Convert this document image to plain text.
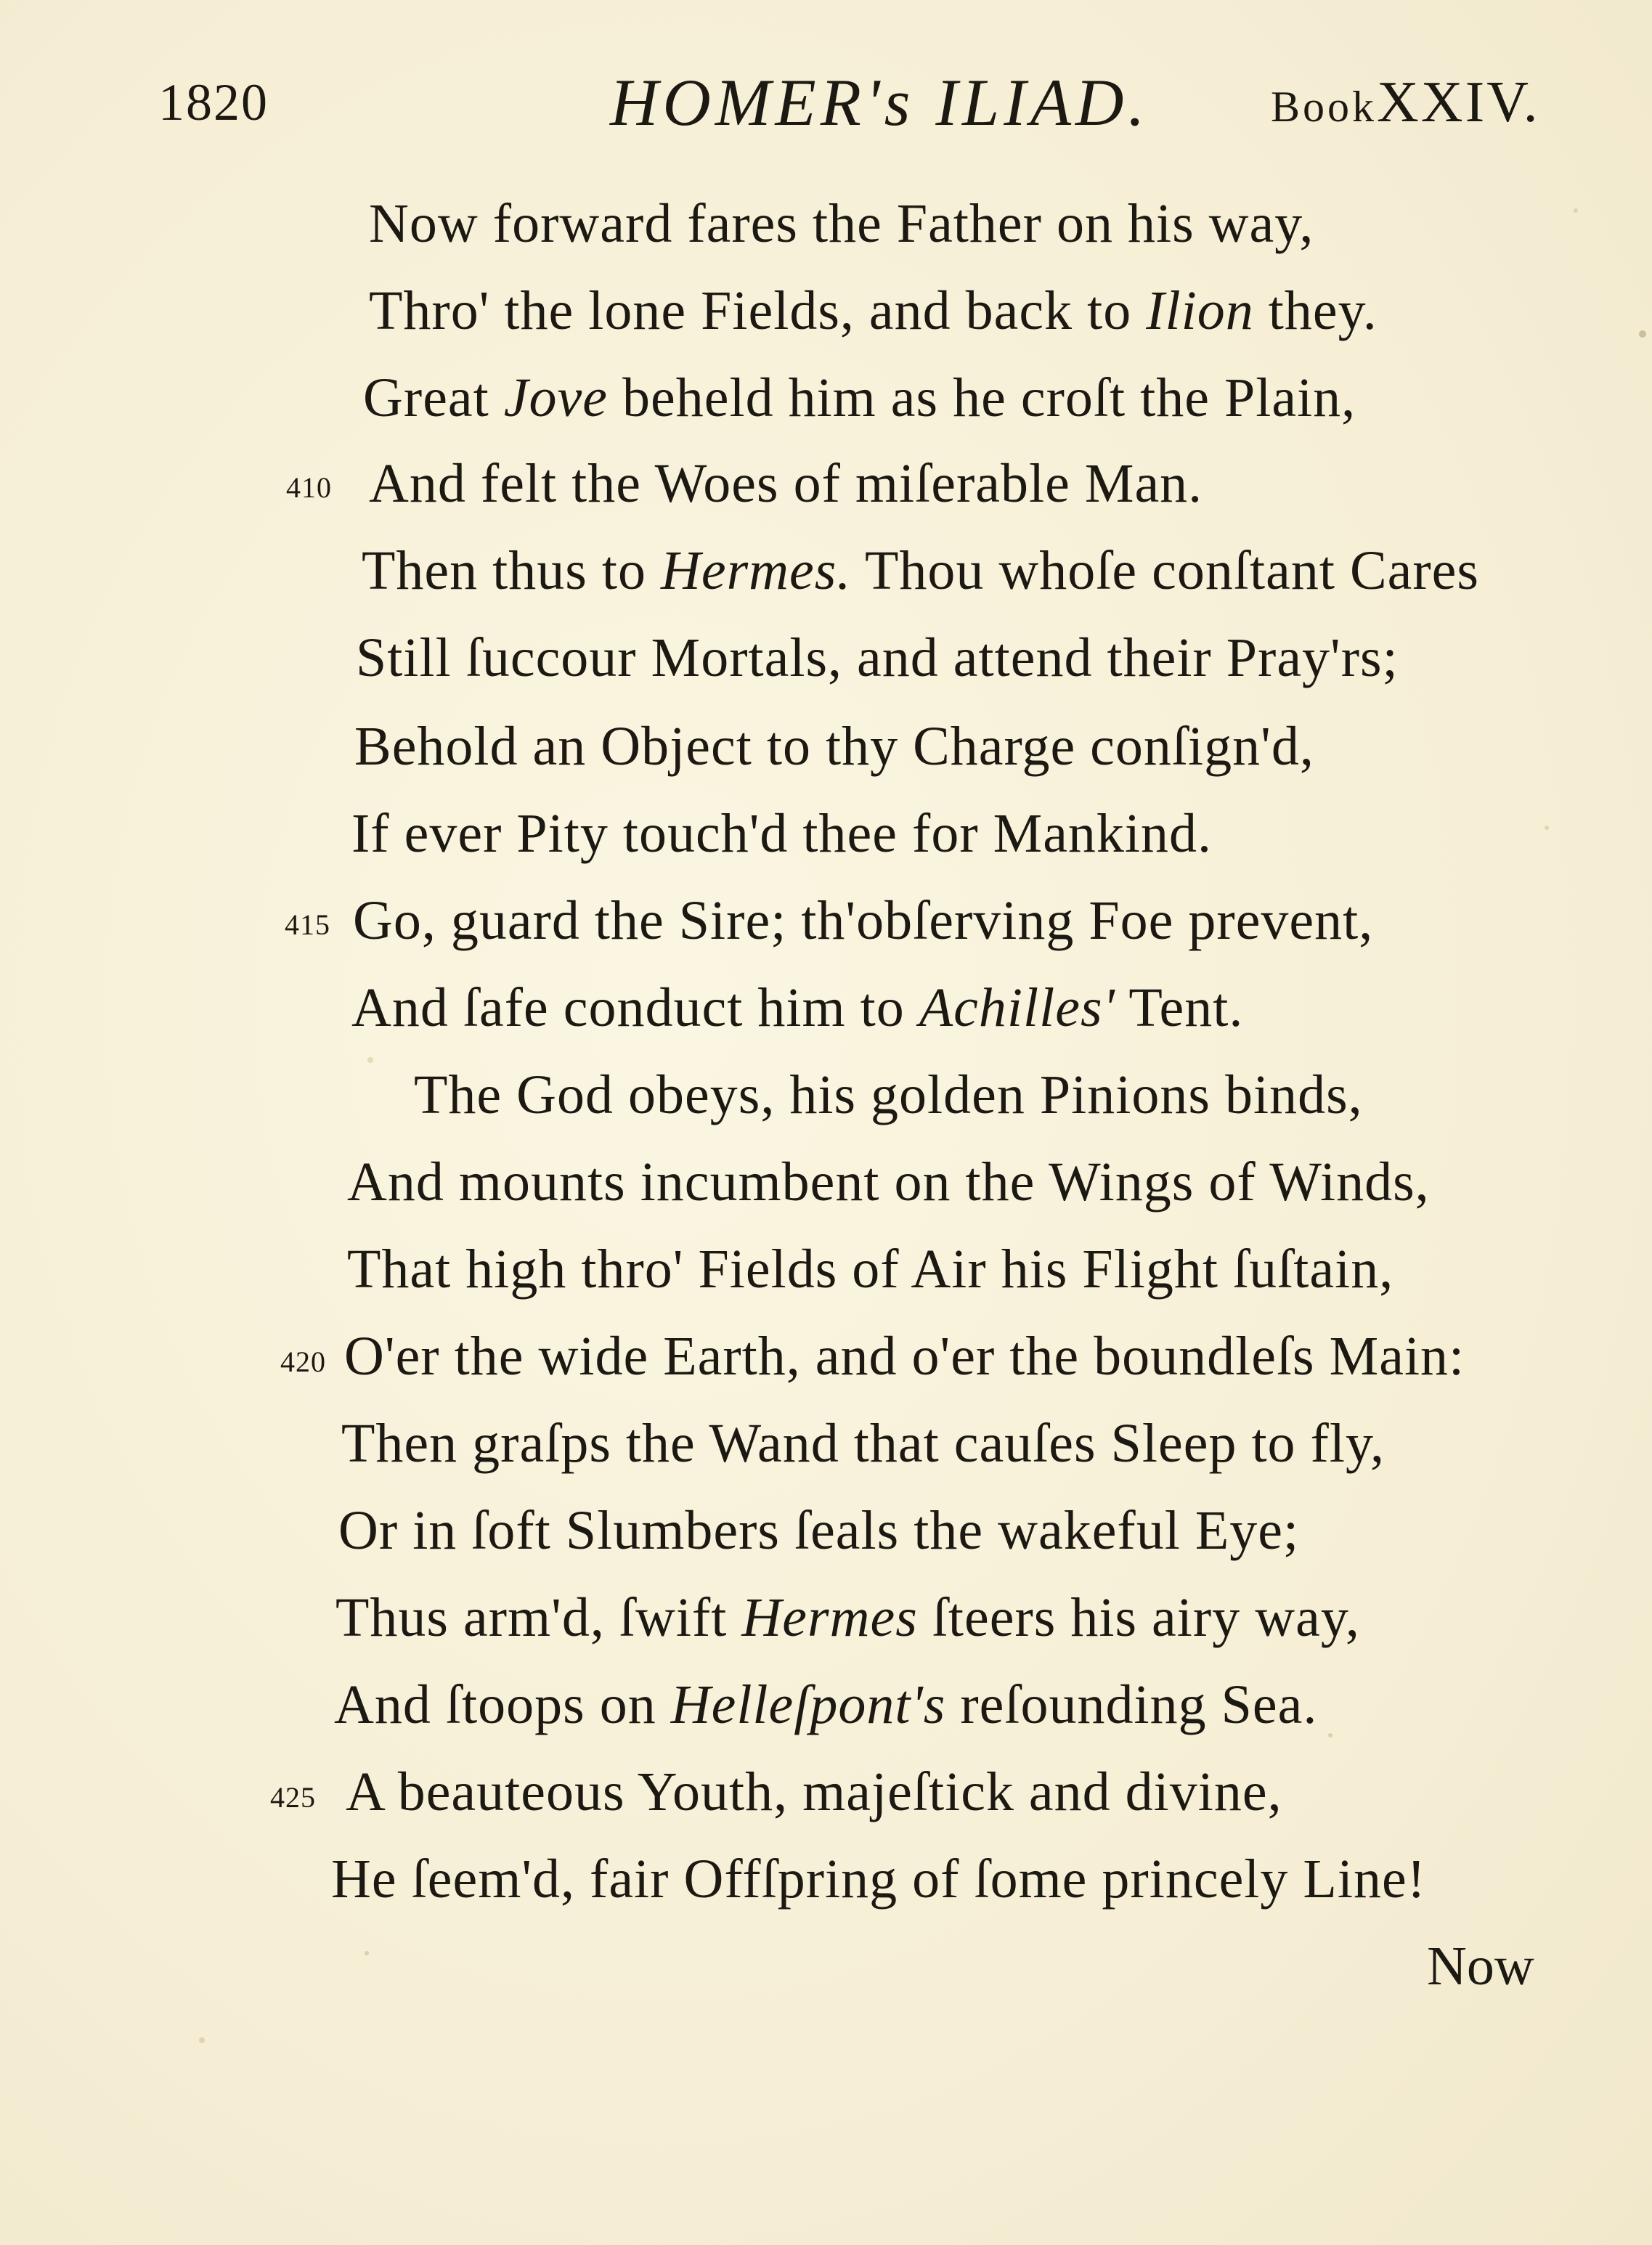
1820	HOMER's ILIAD.	BookXXIV.
Now forward fares the Father on his way,
Thro' the lone Fields, and back to Ilion they.
Great Jove beheld him as he croſt the Plain,
And felt the Woes of miſerable Man.
410
Then thus to Hermes. Thou whoſe conſtant Cares
Still ſuccour Mortals, and attend their Pray'rs;
Behold an Object to thy Charge conſign'd,
If ever Pity touch'd thee for Mankind.
Go, guard the Sire; th'obſerving Foe prevent,
415
And ſafe conduct him to Achilles' Tent.
The God obeys, his golden Pinions binds,
And mounts incumbent on the Wings of Winds,
That high thro' Fields of Air his Flight ſuſtain,
O'er the wide Earth, and o'er the boundleſs Main:
420
Then graſps the Wand that cauſes Sleep to fly,
Or in ſoft Slumbers ſeals the wakeful Eye;
Thus arm'd, ſwift Hermes ſteers his airy way,
And ſtoops on Helleſpont's reſounding Sea.
A beauteous Youth, majeſtick and divine,
425
He ſeem'd, fair Offſpring of ſome princely Line!
Now
